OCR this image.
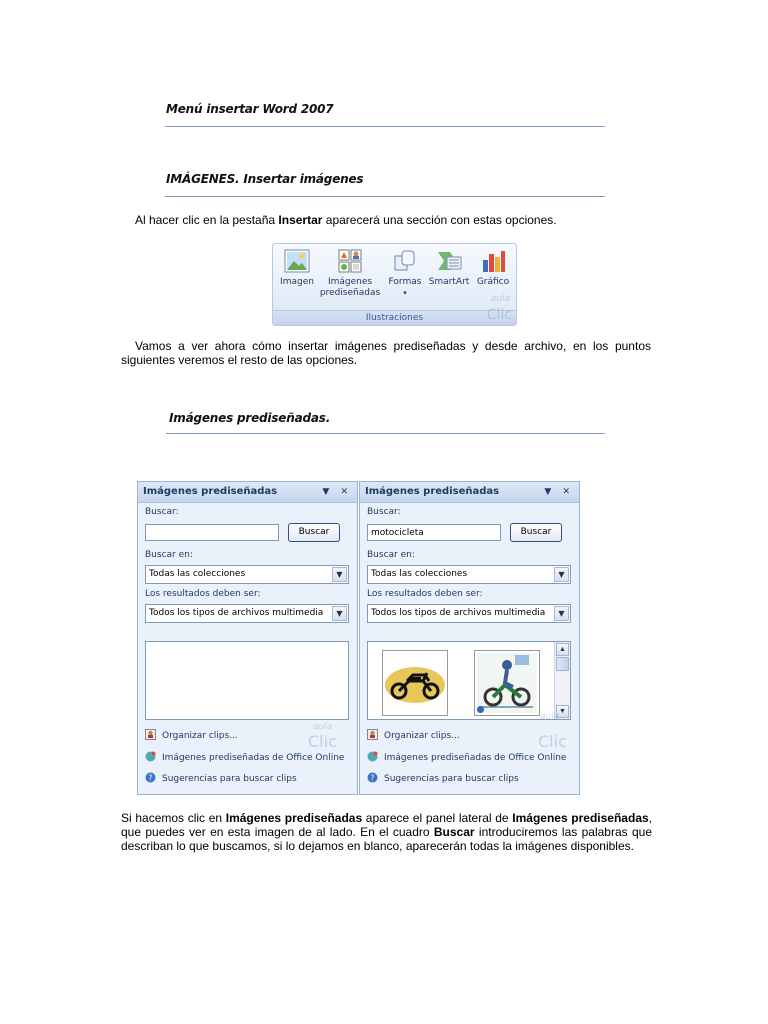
Menú insertar Word 2007
IMÁGENES. Insertar imágenes
Al hacer clic en la pestaña Insertar aparecerá una sección con estas opciones.
Imagen	Imágenes
prediseñadas
Formas
▾
SmartArt Gráfico
aula
Ilustraciones	Clic
Vamos a ver ahora cómo insertar imágenes prediseñadas y desde archivo, en los puntos siguientes veremos el resto de las opciones.
Imágenes prediseñadas.
Imágenes prediseñadas	▼ ✕
Buscar:
Buscar
Buscar en:
Todas las colecciones	▼
Los resultados deben ser:
Todos los tipos de archivos multimedia	▼
Organizar clips...
Imágenes prediseñadas de Office Online
? Sugerencias para buscar clips
aula
Clic
Imágenes prediseñadas	▼ ✕
Buscar:
motocicleta	Buscar
Buscar en:
Todas las colecciones	▼
Los resultados deben ser:
Todos los tipos de archivos multimedia	▼
▲
▼
Organizar clips...
Imágenes prediseñadas de Office Online
? Sugerencias para buscar clips
aula
Clic
Si hacemos clic en Imágenes prediseñadas aparece el panel lateral de Imágenes prediseñadas, que puedes ver en esta imagen de al lado. En el cuadro Buscar introduciremos las palabras que describan lo que buscamos, si lo dejamos en blanco, aparecerán todas la imágenes disponibles.
